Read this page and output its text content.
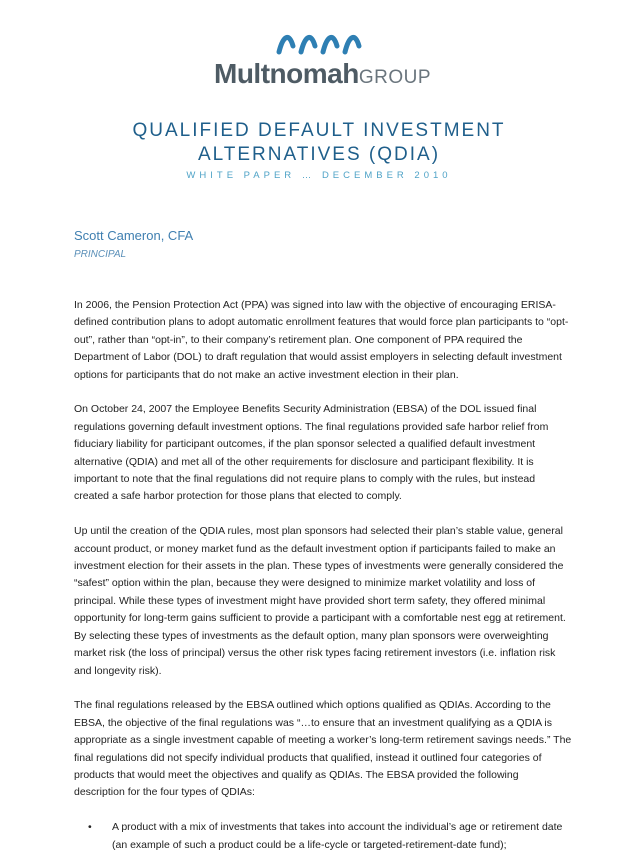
MultnomahGROUP
QUALIFIED DEFAULT INVESTMENT
ALTERNATIVES (QDIA)
WHITE PAPER … DECEMBER 2010
Scott Cameron, CFA
PRINCIPAL

In 2006, the Pension Protection Act (PPA) was signed into law with the objective of encouraging ERISA-defined contribution plans to adopt automatic enrollment features that would force plan participants to “opt-out”, rather than “opt-in”, to their company’s retirement plan. One component of PPA required the Department of Labor (DOL) to draft regulation that would assist employers in selecting default investment options for participants that do not make an active investment election in their plan.

On October 24, 2007 the Employee Benefits Security Administration (EBSA) of the DOL issued final regulations governing default investment options. The final regulations provided safe harbor relief from fiduciary liability for participant outcomes, if the plan sponsor selected a qualified default investment alternative (QDIA) and met all of the other requirements for disclosure and participant flexibility. It is important to note that the final regulations did not require plans to comply with the rules, but instead created a safe harbor protection for those plans that elected to comply.

Up until the creation of the QDIA rules, most plan sponsors had selected their plan’s stable value, general account product, or money market fund as the default investment option if participants failed to make an investment election for their assets in the plan. These types of investments were generally considered the “safest” option within the plan, because they were designed to minimize market volatility and loss of principal. While these types of investment might have provided short term safety, they offered minimal opportunity for long-term gains sufficient to provide a participant with a comfortable nest egg at retirement. By selecting these types of investments as the default option, many plan sponsors were overweighting market risk (the loss of principal) versus the other risk types facing retirement investors (i.e. inflation risk and longevity risk).

The final regulations released by the EBSA outlined which options qualified as QDIAs. According to the EBSA, the objective of the final regulations was “…to ensure that an investment qualifying as a QDIA is appropriate as a single investment capable of meeting a worker’s long-term retirement savings needs.” The final regulations did not specify individual products that qualified, instead it outlined four categories of products that would meet the objectives and qualify as QDIAs. The EBSA provided the following description for the four types of QDIAs:

• A product with a mix of investments that takes into account the individual’s age or retirement date (an example of such a product could be a life-cycle or targeted-retirement-date fund);
